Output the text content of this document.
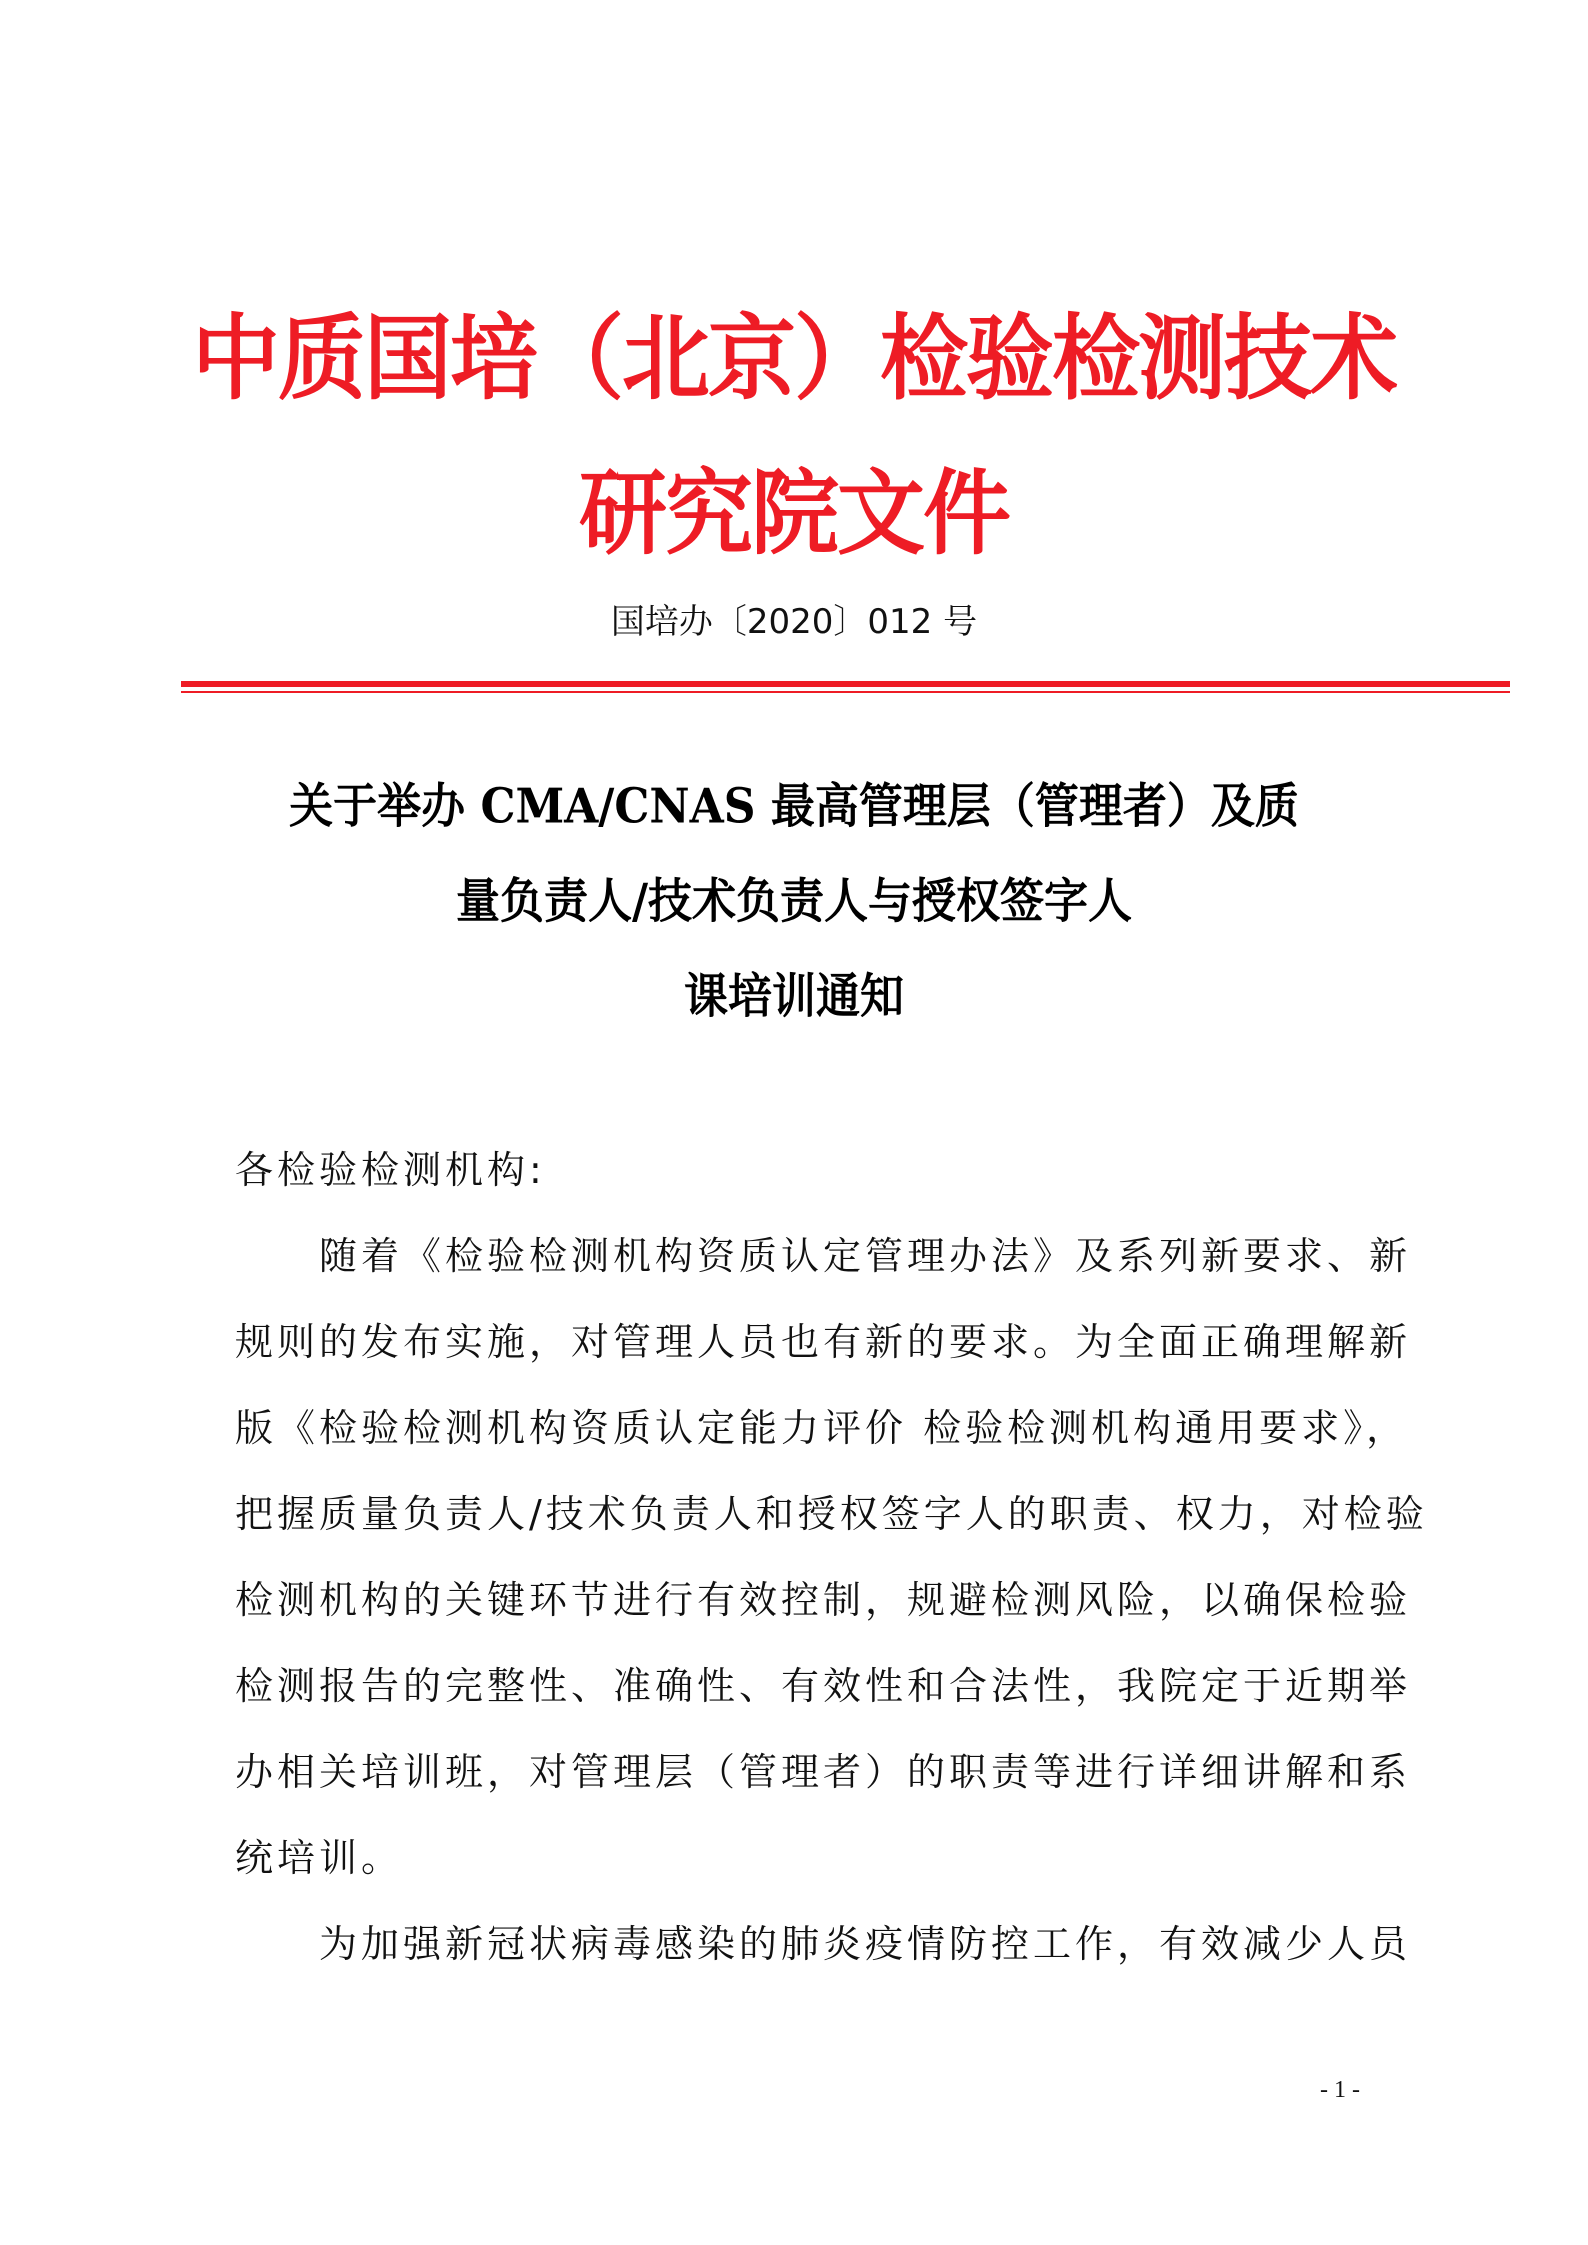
中质国培（北京）检验检测技术
研究院文件
国培办〔2020〕012 号
关于举办 CMA/CNAS 最高管理层（管理者）及质
量负责人/技术负责人与授权签字人
课培训通知

各检验检测机构:

随着《检验检测机构资质认定管理办法》及系列新要求、新

规则的发布实施，对管理人员也有新的要求。为全面正确理解新

版《检验检测机构资质认定能力评价 检验检测机构通用要求》，

把握质量负责人/技术负责人和授权签字人的职责、权力，对检验

检测机构的关键环节进行有效控制，规避检测风险，以确保检验

检测报告的完整性、准确性、有效性和合法性，我院定于近期举

办相关培训班，对管理层（管理者）的职责等进行详细讲解和系

统培训。

为加强新冠状病毒感染的肺炎疫情防控工作，有效减少人员

- 1 -
